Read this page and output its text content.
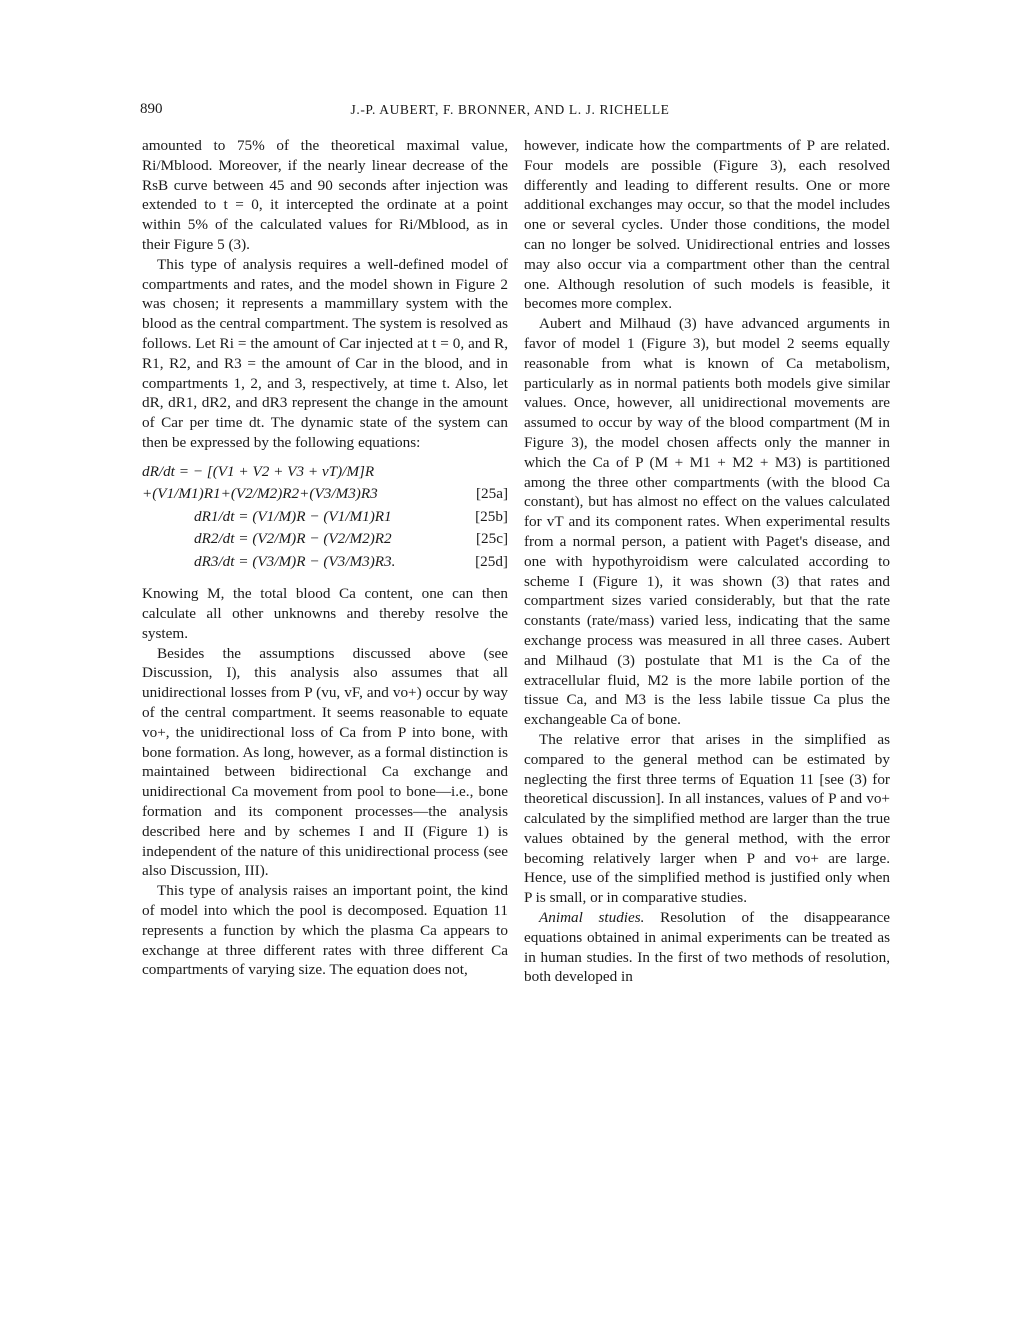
890	J.-P. AUBERT, F. BRONNER, AND L. J. RICHELLE

amounted to 75% of the theoretical maximal value, Ri/Mblood. Moreover, if the nearly linear decrease of the RsB curve between 45 and 90 seconds after injection was extended to t = 0, it intercepted the ordinate at a point within 5% of the calculated values for Ri/Mblood, as in their Figure 5 (3).

This type of analysis requires a well-defined model of compartments and rates, and the model shown in Figure 2 was chosen; it represents a mammillary system with the blood as the central compartment. The system is resolved as follows. Let Ri = the amount of Car injected at t = 0, and R, R1, R2, and R3 = the amount of Car in the blood, and in compartments 1, 2, and 3, respectively, at time t. Also, let dR, dR1, dR2, and dR3 represent the change in the amount of Car per time dt. The dynamic state of the system can then be expressed by the following equations:

dR/dt = − [(V1 + V2 + V3 + vT)/M]R
+(V1/M1)R1+(V2/M2)R2+(V3/M3)R3	[25a]
dR1/dt = (V1/M)R − (V1/M1)R1	[25b]
dR2/dt = (V2/M)R − (V2/M2)R2	[25c]
dR3/dt = (V3/M)R − (V3/M3)R3.	[25d]

Knowing M, the total blood Ca content, one can then calculate all other unknowns and thereby resolve the system.

Besides the assumptions discussed above (see Discussion, I), this analysis also assumes that all unidirectional losses from P (vu, vF, and vo+) occur by way of the central compartment. It seems reasonable to equate vo+, the unidirectional loss of Ca from P into bone, with bone formation. As long, however, as a formal distinction is maintained between bidirectional Ca exchange and unidirectional Ca movement from pool to bone—i.e., bone formation and its component processes—the analysis described here and by schemes I and II (Figure 1) is independent of the nature of this unidirectional process (see also Discussion, III).

This type of analysis raises an important point, the kind of model into which the pool is decomposed. Equation 11 represents a function by which the plasma Ca appears to exchange at three different rates with three different Ca compartments of varying size. The equation does not,

however, indicate how the compartments of P are related. Four models are possible (Figure 3), each resolved differently and leading to different results. One or more additional exchanges may occur, so that the model includes one or several cycles. Under those conditions, the model can no longer be solved. Unidirectional entries and losses may also occur via a compartment other than the central one. Although resolution of such models is feasible, it becomes more complex.

Aubert and Milhaud (3) have advanced arguments in favor of model 1 (Figure 3), but model 2 seems equally reasonable from what is known of Ca metabolism, particularly as in normal patients both models give similar values. Once, however, all unidirectional movements are assumed to occur by way of the blood compartment (M in Figure 3), the model chosen affects only the manner in which the Ca of P (M + M1 + M2 + M3) is partitioned among the three other compartments (with the blood Ca constant), but has almost no effect on the values calculated for vT and its component rates. When experimental results from a normal person, a patient with Paget's disease, and one with hypothyroidism were calculated according to scheme I (Figure 1), it was shown (3) that rates and compartment sizes varied considerably, but that the rate constants (rate/mass) varied less, indicating that the same exchange process was measured in all three cases. Aubert and Milhaud (3) postulate that M1 is the Ca of the extracellular fluid, M2 is the more labile portion of the tissue Ca, and M3 is the less labile tissue Ca plus the exchangeable Ca of bone.

The relative error that arises in the simplified as compared to the general method can be estimated by neglecting the first three terms of Equation 11 [see (3) for theoretical discussion]. In all instances, values of P and vo+ calculated by the simplified method are larger than the true values obtained by the general method, with the error becoming relatively larger when P and vo+ are large. Hence, use of the simplified method is justified only when P is small, or in comparative studies.

Animal studies. Resolution of the disappearance equations obtained in animal experiments can be treated as in human studies. In the first of two methods of resolution, both developed in
